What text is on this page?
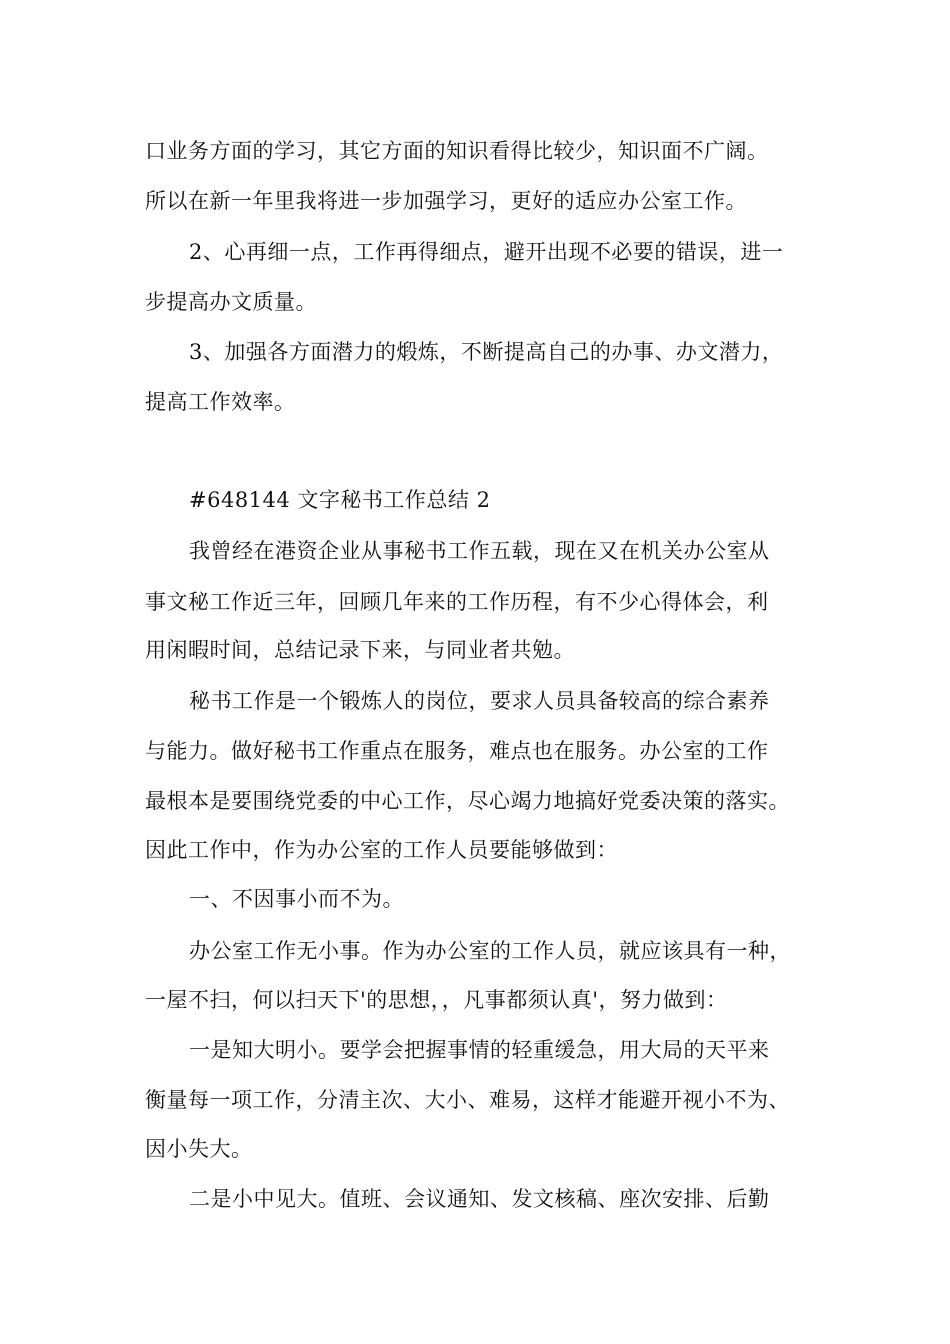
口业务方面的学习，其它方面的知识看得比较少，知识面不广阔。
所以在新一年里我将进一步加强学习，更好的适应办公室工作。
2、心再细一点，工作再得细点，避开出现不必要的错误，进一
步提高办文质量。
3、加强各方面潜力的煅炼，不断提高自己的办事、办文潜力，
提高工作效率。
#648144 文字秘书工作总结 2
我曾经在港资企业从事秘书工作五载，现在又在机关办公室从
事文秘工作近三年，回顾几年来的工作历程，有不少心得体会，利
用闲暇时间，总结记录下来，与同业者共勉。
秘书工作是一个锻炼人的岗位，要求人员具备较高的综合素养
与能力。做好秘书工作重点在服务，难点也在服务。办公室的工作
最根本是要围绕党委的中心工作，尽心竭力地搞好党委决策的落实。
因此工作中，作为办公室的工作人员要能够做到：
一、不因事小而不为。
办公室工作无小事。作为办公室的工作人员，就应该具有一种，
一屋不扫，何以扫天下'的思想，，凡事都须认真'，努力做到：
一是知大明小。要学会把握事情的轻重缓急，用大局的天平来
衡量每一项工作，分清主次、大小、难易，这样才能避开视小不为、
因小失大。
二是小中见大。值班、会议通知、发文核稿、座次安排、后勤
